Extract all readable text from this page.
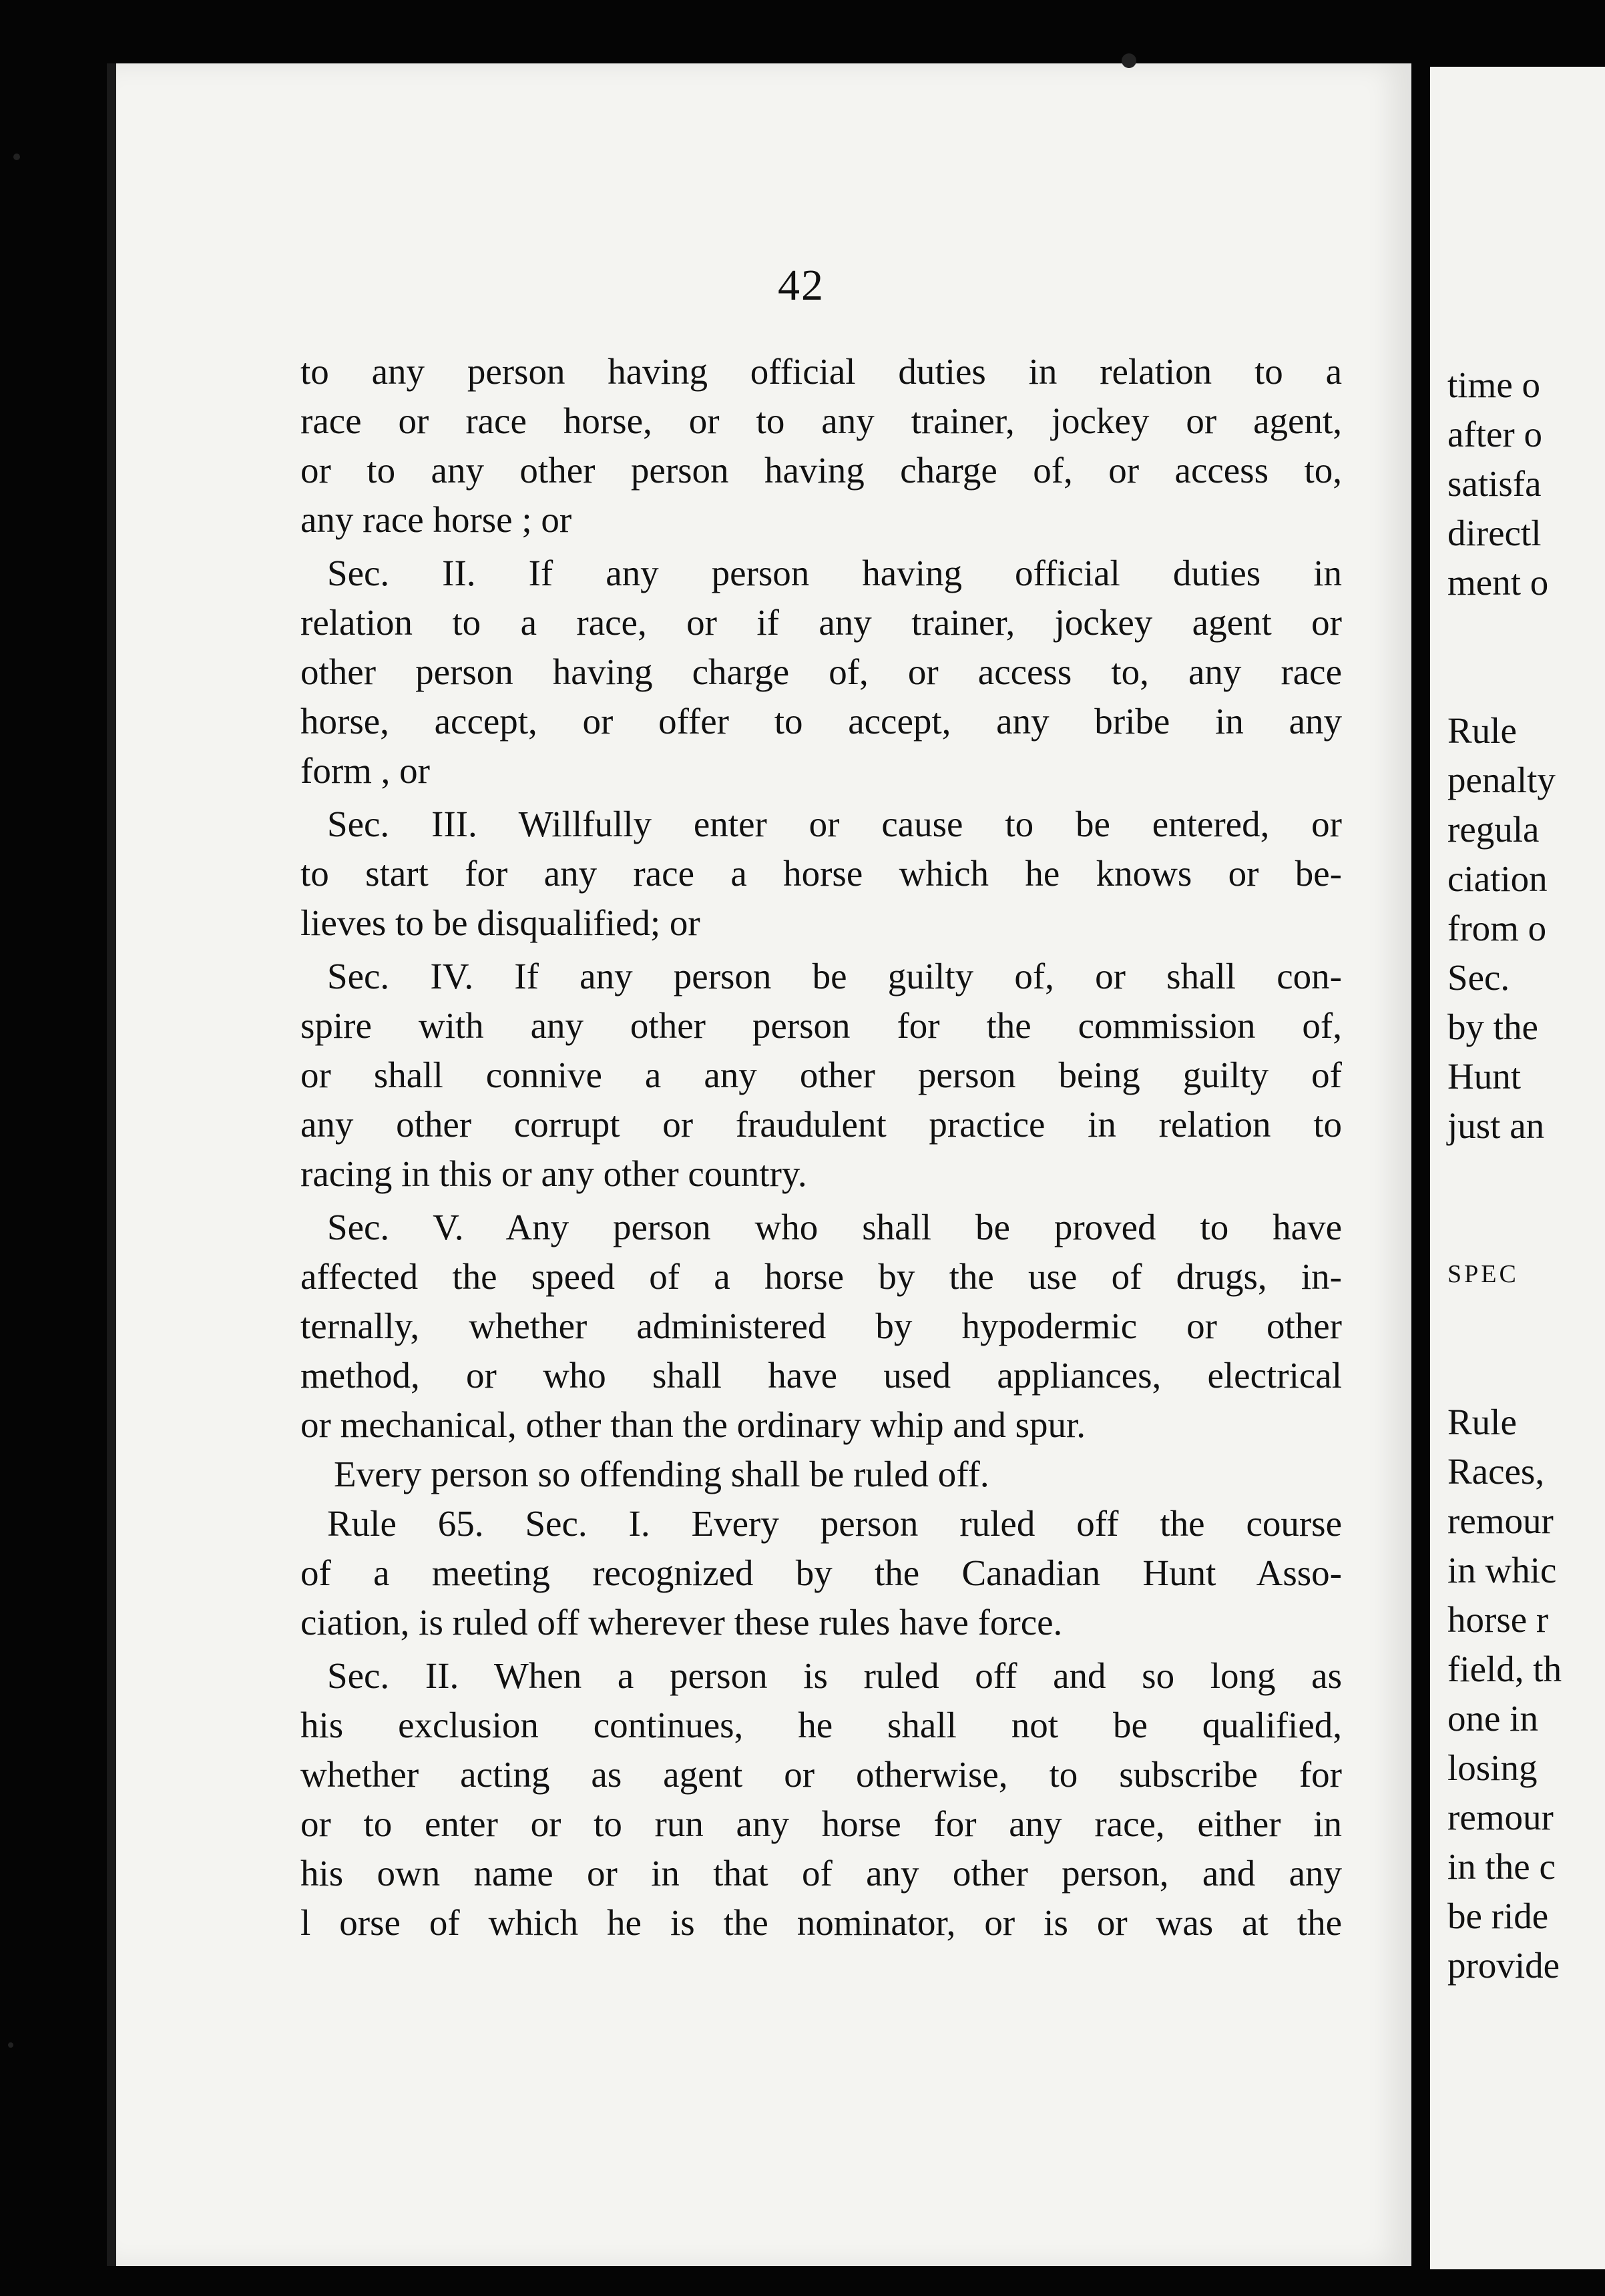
42
to any person having official duties in relation to a
race or race horse, or to any trainer, jockey or agent,
or to any other person having charge of, or access to,
any race horse ; or
Sec. II. If any person having official duties in
relation to a race, or if any trainer, jockey agent or
other person having charge of, or access to, any race
horse, accept, or offer to accept, any bribe in any
form , or
Sec. III. Willfully enter or cause to be entered, or
to start for any race a horse which he knows or be-
lieves to be disqualified; or
Sec. IV. If any person be guilty of, or shall con-
spire with any other person for the commission of,
or shall connive a any other person being guilty of
any other corrupt or fraudulent practice in relation to
racing in this or any other country.
Sec. V. Any person who shall be proved to have
affected the speed of a horse by the use of drugs, in-
ternally, whether administered by hypodermic or other
method, or who shall have used appliances, electrical
or mechanical, other than the ordinary whip and spur.
Every person so offending shall be ruled off.
Rule 65. Sec. I. Every person ruled off the course
of a meeting recognized by the Canadian Hunt Asso-
ciation, is ruled off wherever these rules have force.
Sec. II. When a person is ruled off and so long as
his exclusion continues, he shall not be qualified,
whether acting as agent or otherwise, to subscribe for
or to enter or to run any horse for any race, either in
his own name or in that of any other person, and any
l orse of which he is the nominator, or is or was at the
time o
after o
satisfa
directl
ment o
Rule
penalty
regula
ciation
from o
Sec.
by the
Hunt
just an
SPEC
Rule
Races,
remour
in whic
horse r
field, th
one in
losing
remour
in the c
be ride
provide
